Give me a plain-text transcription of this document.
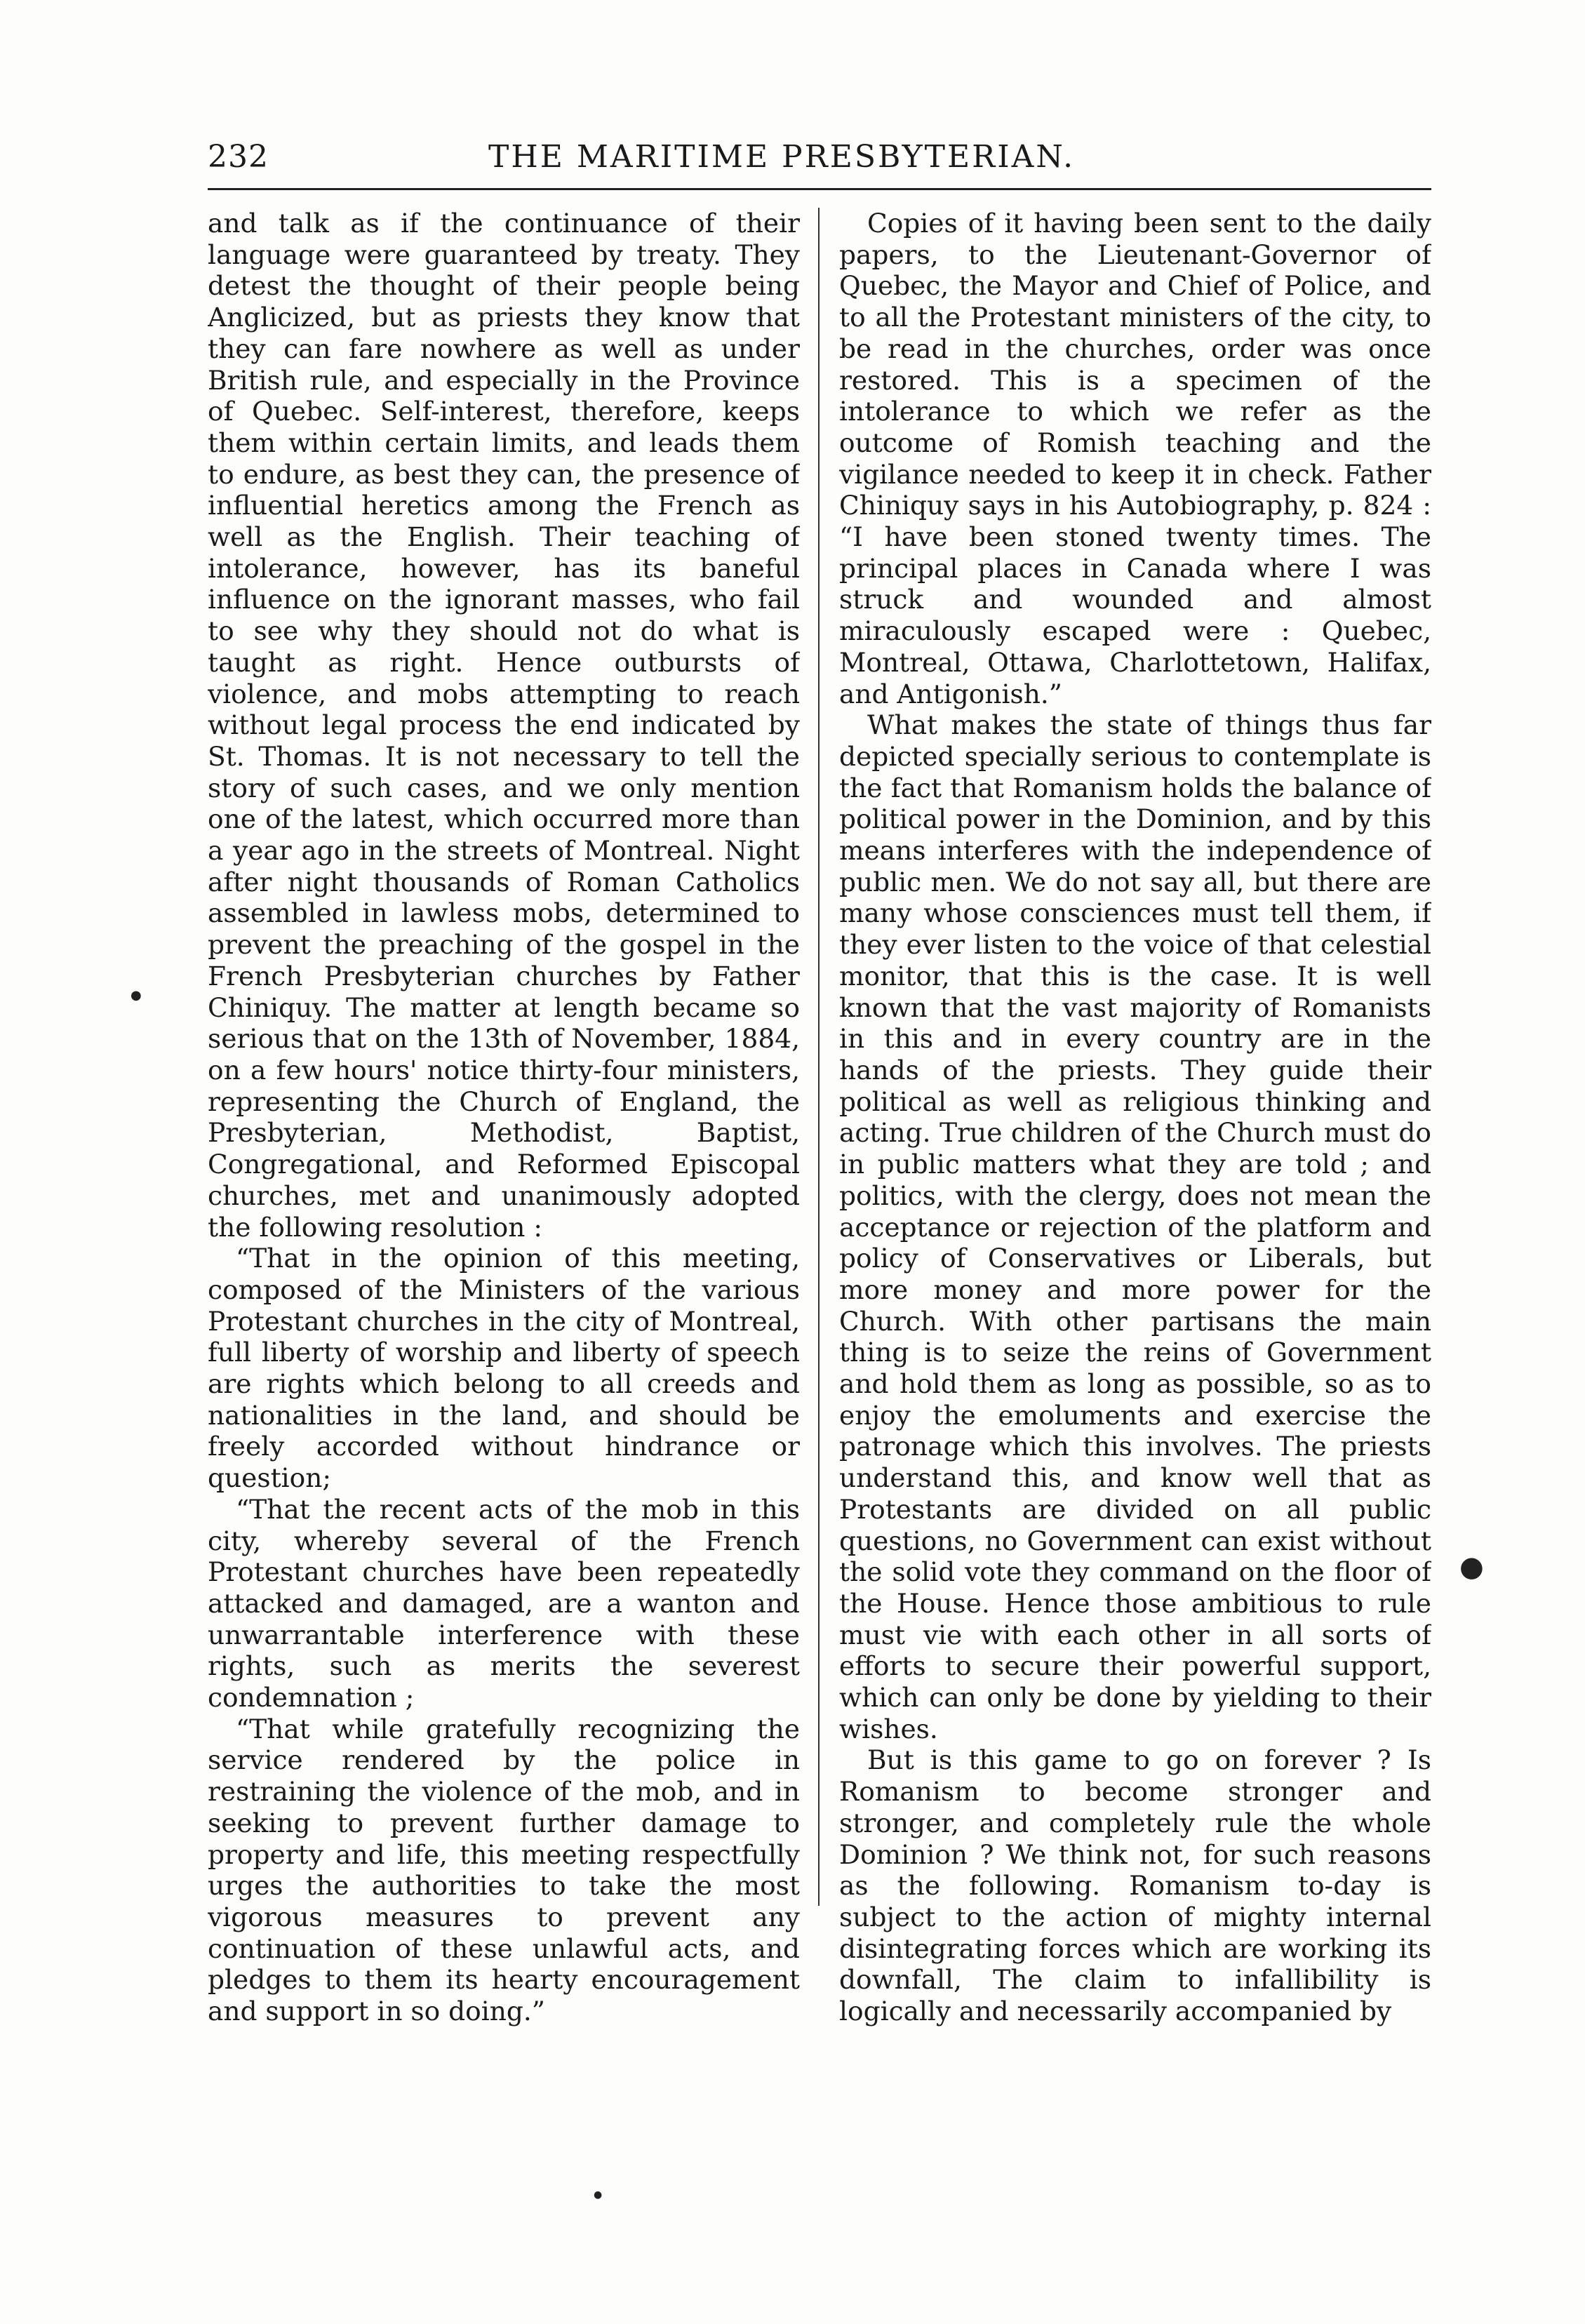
232	THE MARITIME PRESBYTERIAN.

and talk as if the continuance of their language were guaranteed by treaty. They detest the thought of their people being Anglicized, but as priests they know that they can fare nowhere as well as under British rule, and especially in the Province of Quebec. Self-interest, therefore, keeps them within certain limits, and leads them to endure, as best they can, the presence of influential heretics among the French as well as the English. Their teaching of intolerance, however, has its baneful influence on the ignorant masses, who fail to see why they should not do what is taught as right. Hence outbursts of violence, and mobs attempting to reach without legal process the end indicated by St. Thomas. It is not necessary to tell the story of such cases, and we only mention one of the latest, which occurred more than a year ago in the streets of Montreal. Night after night thousands of Roman Catholics assembled in lawless mobs, determined to prevent the preaching of the gospel in the French Presbyterian churches by Father Chiniquy. The matter at length became so serious that on the 13th of November, 1884, on a few hours' notice thirty-four ministers, representing the Church of England, the Presbyterian, Methodist, Baptist, Congregational, and Reformed Episcopal churches, met and unanimously adopted the following resolution :

“That in the opinion of this meeting, composed of the Ministers of the various Protestant churches in the city of Montreal, full liberty of worship and liberty of speech are rights which belong to all creeds and nationalities in the land, and should be freely accorded without hindrance or question;

“That the recent acts of the mob in this city, whereby several of the French Protestant churches have been repeatedly attacked and damaged, are a wanton and unwarrantable interference with these rights, such as merits the severest condemnation ;

“That while gratefully recognizing the service rendered by the police in restraining the violence of the mob, and in seeking to prevent further damage to property and life, this meeting respectfully urges the authorities to take the most vigorous measures to prevent any continuation of these unlawful acts, and pledges to them its hearty encouragement and support in so doing.”

Copies of it having been sent to the daily papers, to the Lieutenant-Governor of Quebec, the Mayor and Chief of Police, and to all the Protestant ministers of the city, to be read in the churches, order was once restored. This is a specimen of the intolerance to which we refer as the outcome of Romish teaching and the vigilance needed to keep it in check. Father Chiniquy says in his Autobiography, p. 824 : “I have been stoned twenty times. The principal places in Canada where I was struck and wounded and almost miraculously escaped were : Quebec, Montreal, Ottawa, Charlottetown, Halifax, and Antigonish.”

What makes the state of things thus far depicted specially serious to contemplate is the fact that Romanism holds the balance of political power in the Dominion, and by this means interferes with the independence of public men. We do not say all, but there are many whose consciences must tell them, if they ever listen to the voice of that celestial monitor, that this is the case. It is well known that the vast majority of Romanists in this and in every country are in the hands of the priests. They guide their political as well as religious thinking and acting. True children of the Church must do in public matters what they are told ; and politics, with the clergy, does not mean the acceptance or rejection of the platform and policy of Conservatives or Liberals, but more money and more power for the Church. With other partisans the main thing is to seize the reins of Government and hold them as long as possible, so as to enjoy the emoluments and exercise the patronage which this involves. The priests understand this, and know well that as Protestants are divided on all public questions, no Government can exist without the solid vote they command on the floor of the House. Hence those ambitious to rule must vie with each other in all sorts of efforts to secure their powerful support, which can only be done by yielding to their wishes.

But is this game to go on forever ? Is Romanism to become stronger and stronger, and completely rule the whole Dominion ? We think not, for such reasons as the following. Romanism to-day is subject to the action of mighty internal disintegrating forces which are working its downfall, The claim to infallibility is logically and necessarily accompanied by

●
●
●
